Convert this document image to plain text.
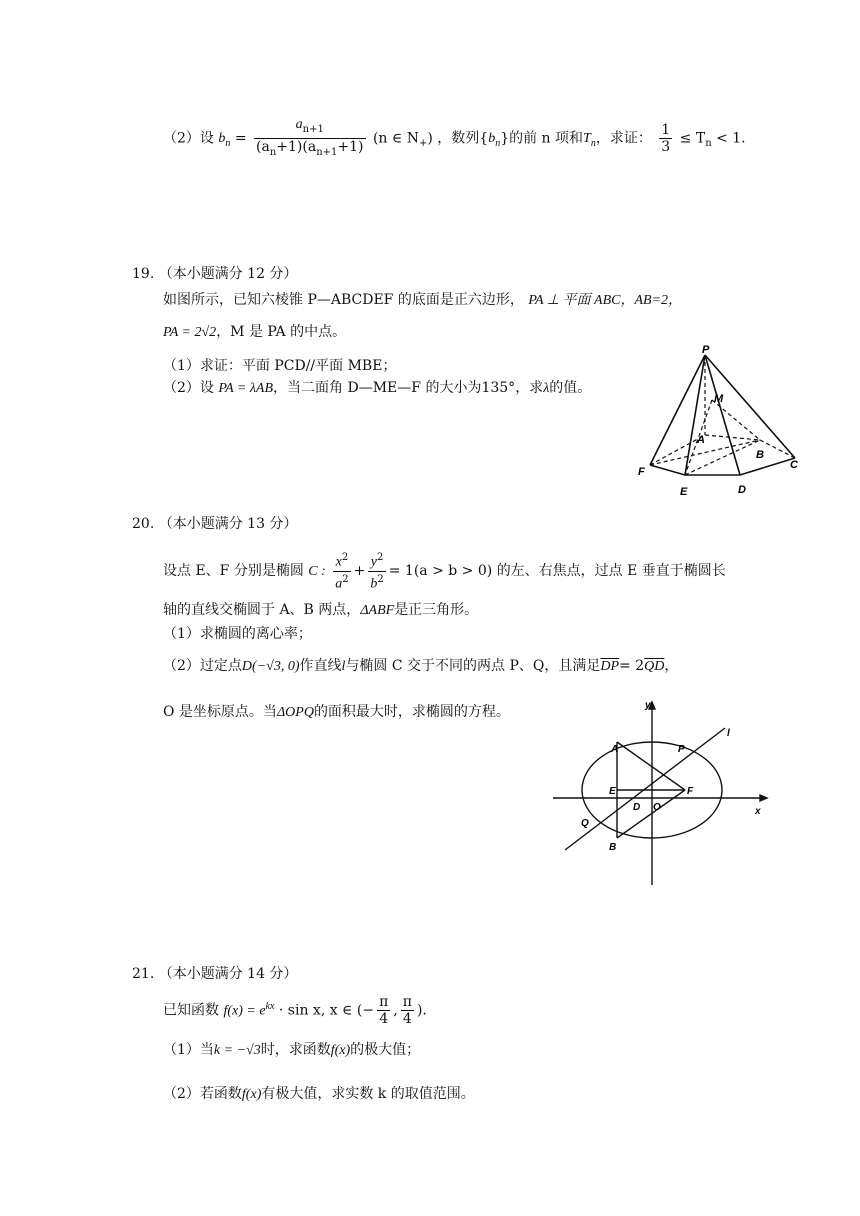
（2）设 $b_n = \frac{a_{n+1}}{(a_n+1)(a_{n+1}+1)} (n$ ∈ $N_+$) ，数列$\{b_n\}$的前 n 项和$T_n$，求证： $\frac{1}{3} \le T_n < 1$.
19. （本小题满分 12 分）
如图所示，已知六棱锥 P—ABCDEF 的底面是正六边形， PA ⊥ 平面 ABC，AB=2，
PA = 2√2，M 是 PA 的中点。
（1）求证：平面 PCD//平面 MBE；
（2）设 PA = λAB，当二面角 D—ME—F 的大小为135°，求λ的值。
P
M
A
B
C
D
E
F
20. （本小题满分 13 分）
设点 E、F 分别是椭圆 C : $\frac{x^2}{a^2} + \frac{y^2}{b^2} = 1(a > b > 0)$ 的左、右焦点，过点 E 垂直于椭圆长
轴的直线交椭圆于 A、B 两点，ΔABF是正三角形。
（1）求椭圆的离心率；
（2）过定点D(−√3, 0)作直线l与椭圆 C 交于不同的两点 P、Q，且满足$\overline{DP}= 2\overline{QD}$，
O 是坐标原点。当ΔOPQ的面积最大时，求椭圆的方程。	y
l
A	P
E
D O
F
x
Q
B
21. （本小题满分 14 分）
已知函数 $f(x) = e^{kx} \cdot \sin x$, x ∈ (− $\frac{\pi}{4}$ , $\frac{\pi}{4}$ ).
（1）当k = −√3时，求函数f(x)的极大值；
（2）若函数f(x)有极大值，求实数 k 的取值范围。
